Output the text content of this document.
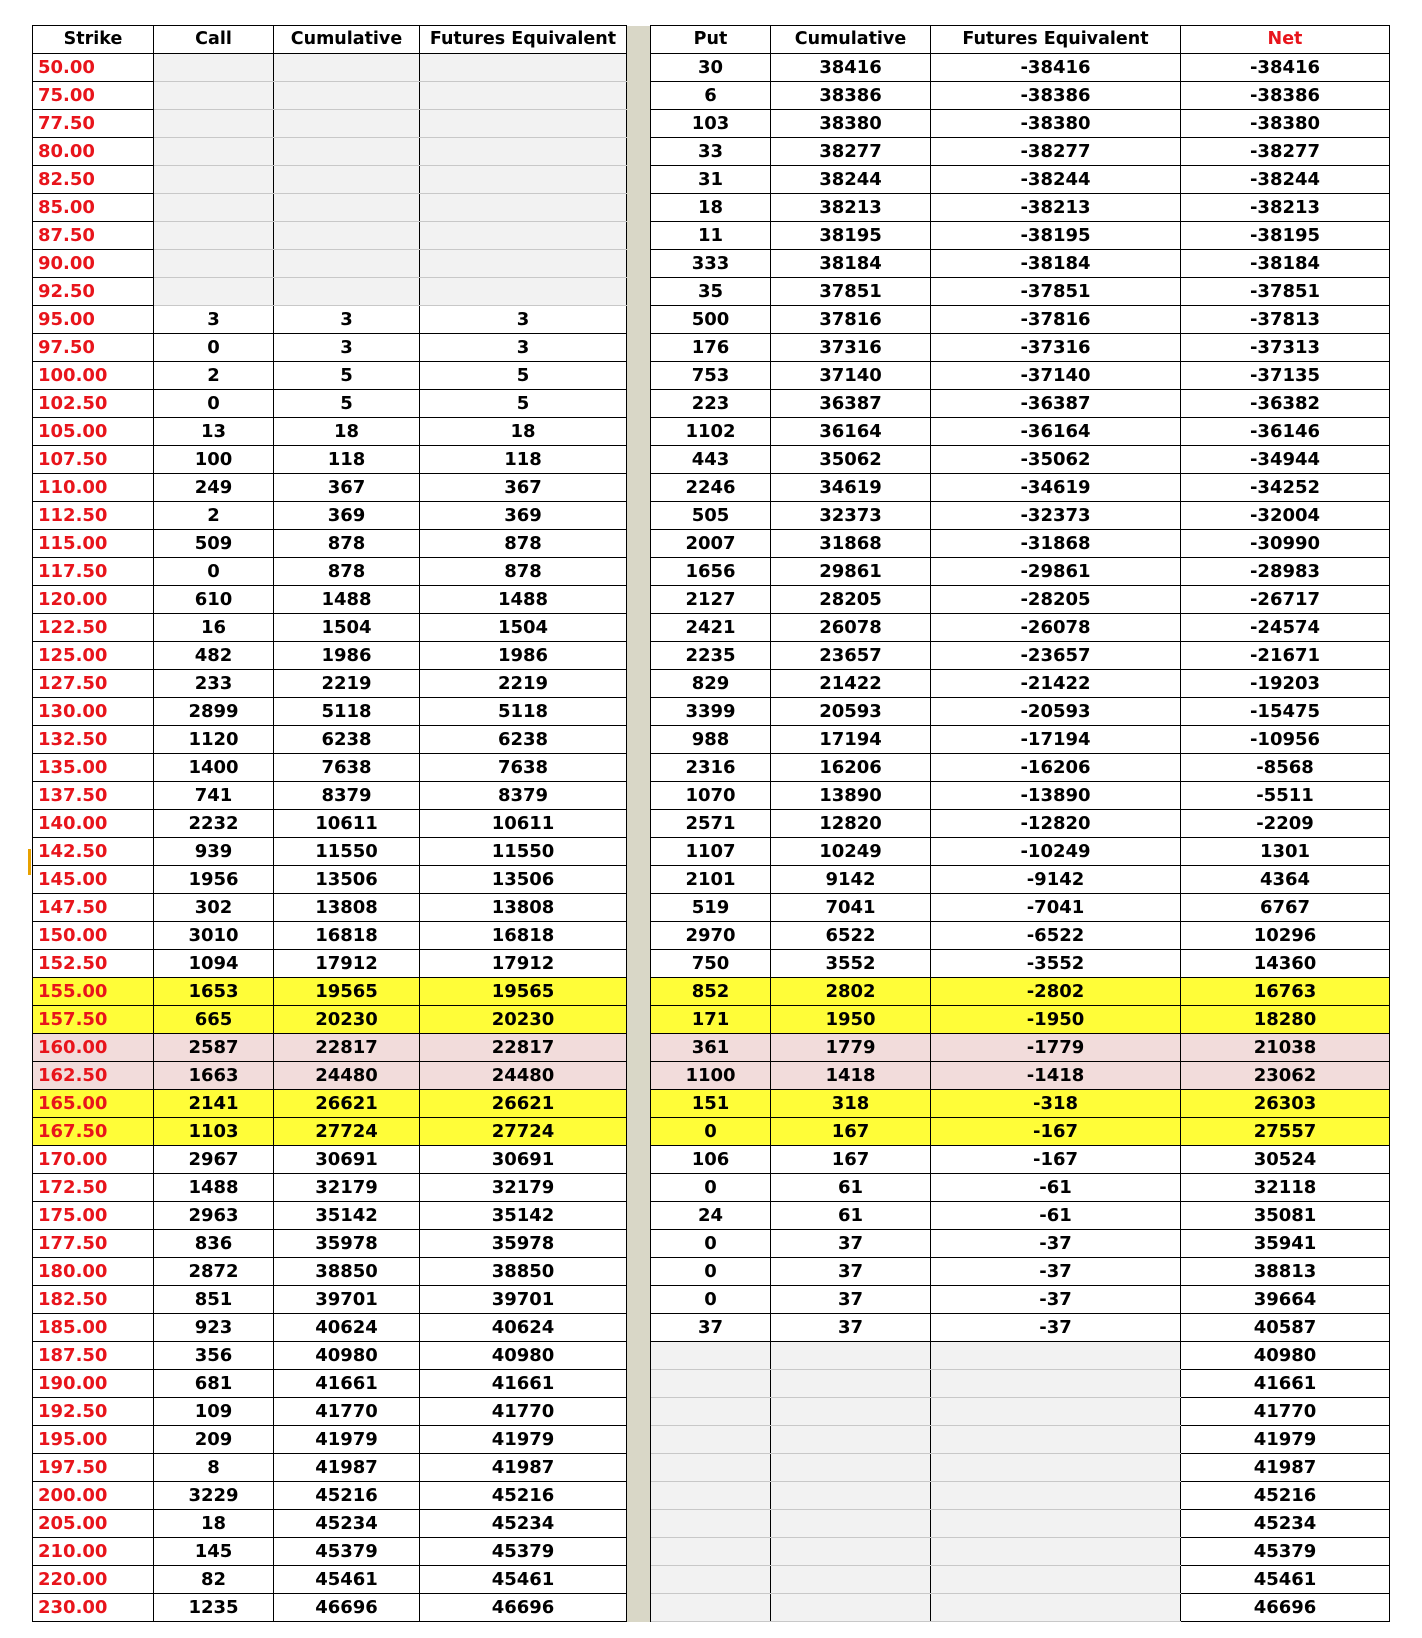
Strike	Call	Cumulative	Futures Equivalent		Put	Cumulative	Futures Equivalent	Net
50.00					30	38416	-38416	-38416
75.00					6	38386	-38386	-38386
77.50					103	38380	-38380	-38380
80.00					33	38277	-38277	-38277
82.50					31	38244	-38244	-38244
85.00					18	38213	-38213	-38213
87.50					11	38195	-38195	-38195
90.00					333	38184	-38184	-38184
92.50					35	37851	-37851	-37851
95.00	3	3	3		500	37816	-37816	-37813
97.50	0	3	3		176	37316	-37316	-37313
100.00	2	5	5		753	37140	-37140	-37135
102.50	0	5	5		223	36387	-36387	-36382
105.00	13	18	18		1102	36164	-36164	-36146
107.50	100	118	118		443	35062	-35062	-34944
110.00	249	367	367		2246	34619	-34619	-34252
112.50	2	369	369		505	32373	-32373	-32004
115.00	509	878	878		2007	31868	-31868	-30990
117.50	0	878	878		1656	29861	-29861	-28983
120.00	610	1488	1488		2127	28205	-28205	-26717
122.50	16	1504	1504		2421	26078	-26078	-24574
125.00	482	1986	1986		2235	23657	-23657	-21671
127.50	233	2219	2219		829	21422	-21422	-19203
130.00	2899	5118	5118		3399	20593	-20593	-15475
132.50	1120	6238	6238		988	17194	-17194	-10956
135.00	1400	7638	7638		2316	16206	-16206	-8568
137.50	741	8379	8379		1070	13890	-13890	-5511
140.00	2232	10611	10611		2571	12820	-12820	-2209
142.50	939	11550	11550		1107	10249	-10249	1301
145.00	1956	13506	13506		2101	9142	-9142	4364
147.50	302	13808	13808		519	7041	-7041	6767
150.00	3010	16818	16818		2970	6522	-6522	10296
152.50	1094	17912	17912		750	3552	-3552	14360
155.00	1653	19565	19565		852	2802	-2802	16763
157.50	665	20230	20230		171	1950	-1950	18280
160.00	2587	22817	22817		361	1779	-1779	21038
162.50	1663	24480	24480		1100	1418	-1418	23062
165.00	2141	26621	26621		151	318	-318	26303
167.50	1103	27724	27724		0	167	-167	27557
170.00	2967	30691	30691		106	167	-167	30524
172.50	1488	32179	32179		0	61	-61	32118
175.00	2963	35142	35142		24	61	-61	35081
177.50	836	35978	35978		0	37	-37	35941
180.00	2872	38850	38850		0	37	-37	38813
182.50	851	39701	39701		0	37	-37	39664
185.00	923	40624	40624		37	37	-37	40587
187.50	356	40980	40980					40980
190.00	681	41661	41661					41661
192.50	109	41770	41770					41770
195.00	209	41979	41979					41979
197.50	8	41987	41987					41987
200.00	3229	45216	45216					45216
205.00	18	45234	45234					45234
210.00	145	45379	45379					45379
220.00	82	45461	45461					45461
230.00	1235	46696	46696					46696
